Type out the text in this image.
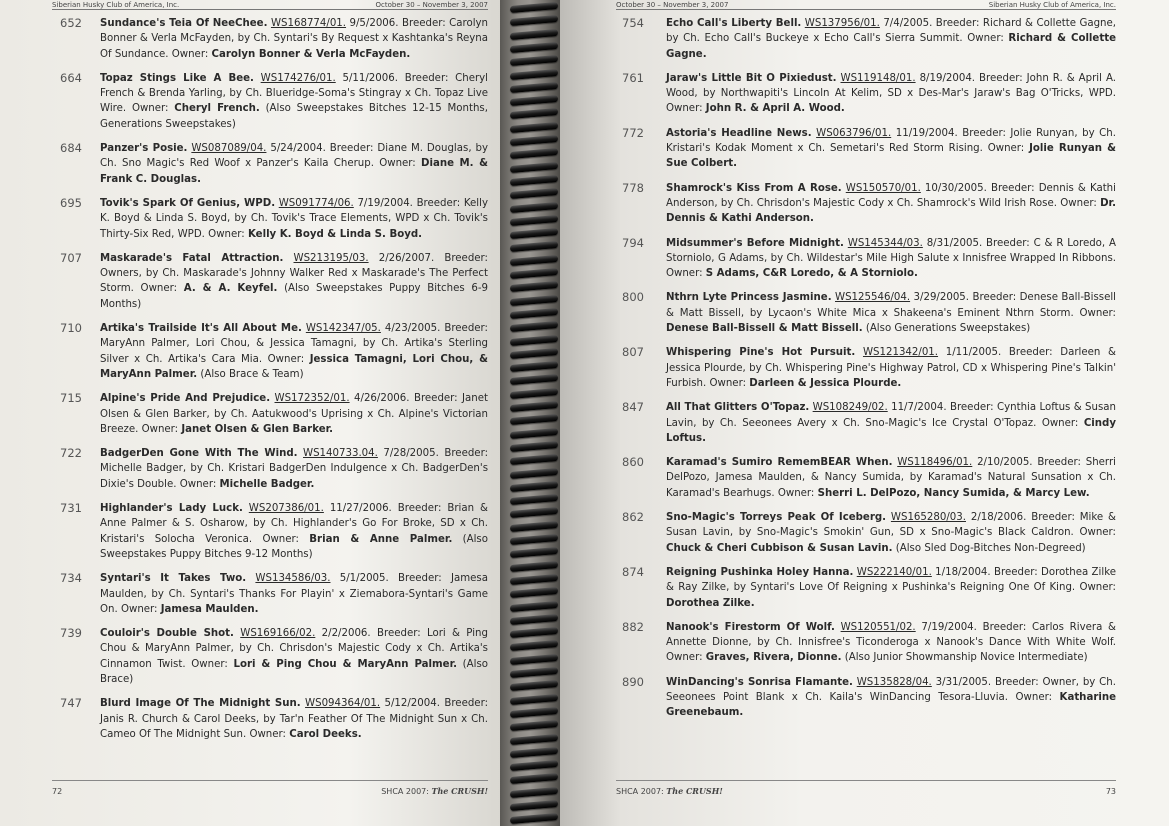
Siberian Husky Club of America, Inc.	October 30 – November 3, 2007
652	Sundance's Teia Of NeeChee. WS168774/01. 9/5/2006. Breeder: Carolyn Bonner & Verla McFayden, by Ch. Syntari's By Request x Kashtanka's Reyna Of Sundance. Owner: Carolyn Bonner & Verla McFayden.
664	Topaz Stings Like A Bee. WS174276/01. 5/11/2006. Breeder: Cheryl French & Brenda Yarling, by Ch. Blueridge-Soma's Stingray x Ch. Topaz Live Wire. Owner: Cheryl French. (Also Sweepstakes Bitches 12-15 Months, Generations Sweepstakes)
684	Panzer's Posie. WS087089/04. 5/24/2004. Breeder: Diane M. Douglas, by Ch. Sno Magic's Red Woof x Panzer's Kaila Cherup. Owner: Diane M. & Frank C. Douglas.
695	Tovik's Spark Of Genius, WPD. WS091774/06. 7/19/2004. Breeder: Kelly K. Boyd & Linda S. Boyd, by Ch. Tovik's Trace Elements, WPD x Ch. Tovik's Thirty-Six Red, WPD. Owner: Kelly K. Boyd & Linda S. Boyd.
707	Maskarade's Fatal Attraction. WS213195/03. 2/26/2007. Breeder: Owners, by Ch. Maskarade's Johnny Walker Red x Maskarade's The Perfect Storm. Owner: A. & A. Keyfel. (Also Sweepstakes Puppy Bitches 6-9 Months)
710	Artika's Trailside It's All About Me. WS142347/05. 4/23/2005. Breeder: MaryAnn Palmer, Lori Chou, & Jessica Tamagni, by Ch. Artika's Sterling Silver x Ch. Artika's Cara Mia. Owner: Jessica Tamagni, Lori Chou, & MaryAnn Palmer. (Also Brace & Team)
715	Alpine's Pride And Prejudice. WS172352/01. 4/26/2006. Breeder: Janet Olsen & Glen Barker, by Ch. Aatukwood's Uprising x Ch. Alpine's Victorian Breeze. Owner: Janet Olsen & Glen Barker.
722	BadgerDen Gone With The Wind. WS140733.04. 7/28/2005. Breeder: Michelle Badger, by Ch. Kristari BadgerDen Indulgence x Ch. BadgerDen's Dixie's Double. Owner: Michelle Badger.
731	Highlander's Lady Luck. WS207386/01. 11/27/2006. Breeder: Brian & Anne Palmer & S. Osharow, by Ch. Highlander's Go For Broke, SD x Ch. Kristari's Solocha Veronica. Owner: Brian & Anne Palmer. (Also Sweepstakes Puppy Bitches 9-12 Months)
734	Syntari's It Takes Two. WS134586/03. 5/1/2005. Breeder: Jamesa Maulden, by Ch. Syntari's Thanks For Playin' x Ziemabora-Syntari's Game On. Owner: Jamesa Maulden.
739	Couloir's Double Shot. WS169166/02. 2/2/2006. Breeder: Lori & Ping Chou & MaryAnn Palmer, by Ch. Chrisdon's Majestic Cody x Ch. Artika's Cinnamon Twist. Owner: Lori & Ping Chou & MaryAnn Palmer. (Also Brace)
747	Blurd Image Of The Midnight Sun. WS094364/01. 5/12/2004. Breeder: Janis R. Church & Carol Deeks, by Tar'n Feather Of The Midnight Sun x Ch. Cameo Of The Midnight Sun. Owner: Carol Deeks.
72	SHCA 2007: The CRUSH!
October 30 – November 3, 2007	Siberian Husky Club of America, Inc.
754	Echo Call's Liberty Bell. WS137956/01. 7/4/2005. Breeder: Richard & Collette Gagne, by Ch. Echo Call's Buckeye x Echo Call's Sierra Summit. Owner: Richard & Collette Gagne.
761	Jaraw's Little Bit O Pixiedust. WS119148/01. 8/19/2004. Breeder: John R. & April A. Wood, by Northwapiti's Lincoln At Kelim, SD x Des-Mar's Jaraw's Bag O'Tricks, WPD. Owner: John R. & April A. Wood.
772	Astoria's Headline News. WS063796/01. 11/19/2004. Breeder: Jolie Runyan, by Ch. Kristari's Kodak Moment x Ch. Semetari's Red Storm Rising. Owner: Jolie Runyan & Sue Colbert.
778	Shamrock's Kiss From A Rose. WS150570/01. 10/30/2005. Breeder: Dennis & Kathi Anderson, by Ch. Chrisdon's Majestic Cody x Ch. Shamrock's Wild Irish Rose. Owner: Dr. Dennis & Kathi Anderson.
794	Midsummer's Before Midnight. WS145344/03. 8/31/2005. Breeder: C & R Loredo, A Storniolo, G Adams, by Ch. Wildestar's Mile High Salute x Innisfree Wrapped In Ribbons. Owner: S Adams, C&R Loredo, & A Storniolo.
800	Nthrn Lyte Princess Jasmine. WS125546/04. 3/29/2005. Breeder: Denese Ball-Bissell & Matt Bissell, by Lycaon's White Mica x Shakeena's Eminent Nthrn Storm. Owner: Denese Ball-Bissell & Matt Bissell. (Also Generations Sweepstakes)
807	Whispering Pine's Hot Pursuit. WS121342/01. 1/11/2005. Breeder: Darleen & Jessica Plourde, by Ch. Whispering Pine's Highway Patrol, CD x Whispering Pine's Talkin' Furbish. Owner: Darleen & Jessica Plourde.
847	All That Glitters O'Topaz. WS108249/02. 11/7/2004. Breeder: Cynthia Loftus & Susan Lavin, by Ch. Seeonees Avery x Ch. Sno-Magic's Ice Crystal O'Topaz. Owner: Cindy Loftus.
860	Karamad's Sumiro RememBEAR When. WS118496/01. 2/10/2005. Breeder: Sherri DelPozo, Jamesa Maulden, & Nancy Sumida, by Karamad's Natural Sunsation x Ch. Karamad's Bearhugs. Owner: Sherri L. DelPozo, Nancy Sumida, & Marcy Lew.
862	Sno-Magic's Torreys Peak Of Iceberg. WS165280/03. 2/18/2006. Breeder: Mike & Susan Lavin, by Sno-Magic's Smokin' Gun, SD x Sno-Magic's Black Caldron. Owner: Chuck & Cheri Cubbison & Susan Lavin. (Also Sled Dog-Bitches Non-Degreed)
874	Reigning Pushinka Holey Hanna. WS222140/01. 1/18/2004. Breeder: Dorothea Zilke & Ray Zilke, by Syntari's Love Of Reigning x Pushinka's Reigning One Of King. Owner: Dorothea Zilke.
882	Nanook's Firestorm Of Wolf. WS120551/02. 7/19/2004. Breeder: Carlos Rivera & Annette Dionne, by Ch. Innisfree's Ticonderoga x Nanook's Dance With White Wolf. Owner: Graves, Rivera, Dionne. (Also Junior Showmanship Novice Intermediate)
890	WinDancing's Sonrisa Flamante. WS135828/04. 3/31/2005. Breeder: Owner, by Ch. Seeonees Point Blank x Ch. Kaila's WinDancing Tesora-Lluvia. Owner: Katharine Greenebaum.
SHCA 2007: The CRUSH!	73
